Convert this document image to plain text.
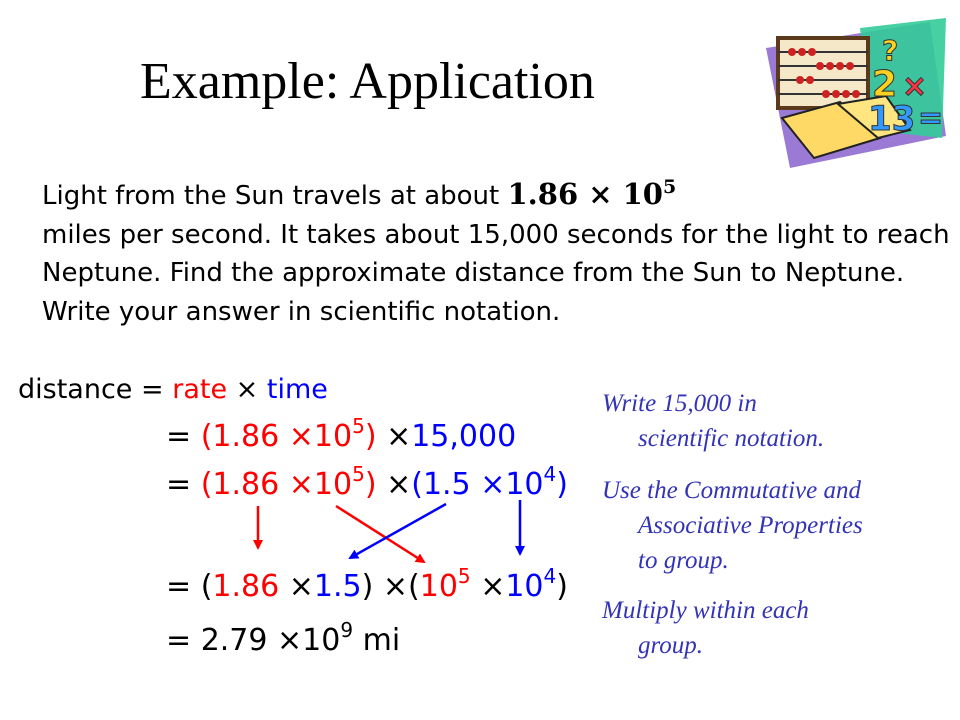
Example: Application
?
2 ×
13 =
Light from the Sun travels at about $1.86 \times 10^5$
miles per second. It takes about 15,000 seconds for the light to reach Neptune. Find the approximate distance from the Sun to Neptune. Write your answer in scientific notation.
distance = rate × time
= $(1.86 \times 10^5) \times 15,000$
= $(1.86 \times 10^5) \times(1.5 \times 10^4)$
= $(1.86 \times 1.5) \times(10^5 \times 10^4)$
= $2.79 \times 10^9$ mi
Write 15,000 in
scientific notation.
Use the Commutative and
Associative Properties
to group.
Multiply within each
group.
